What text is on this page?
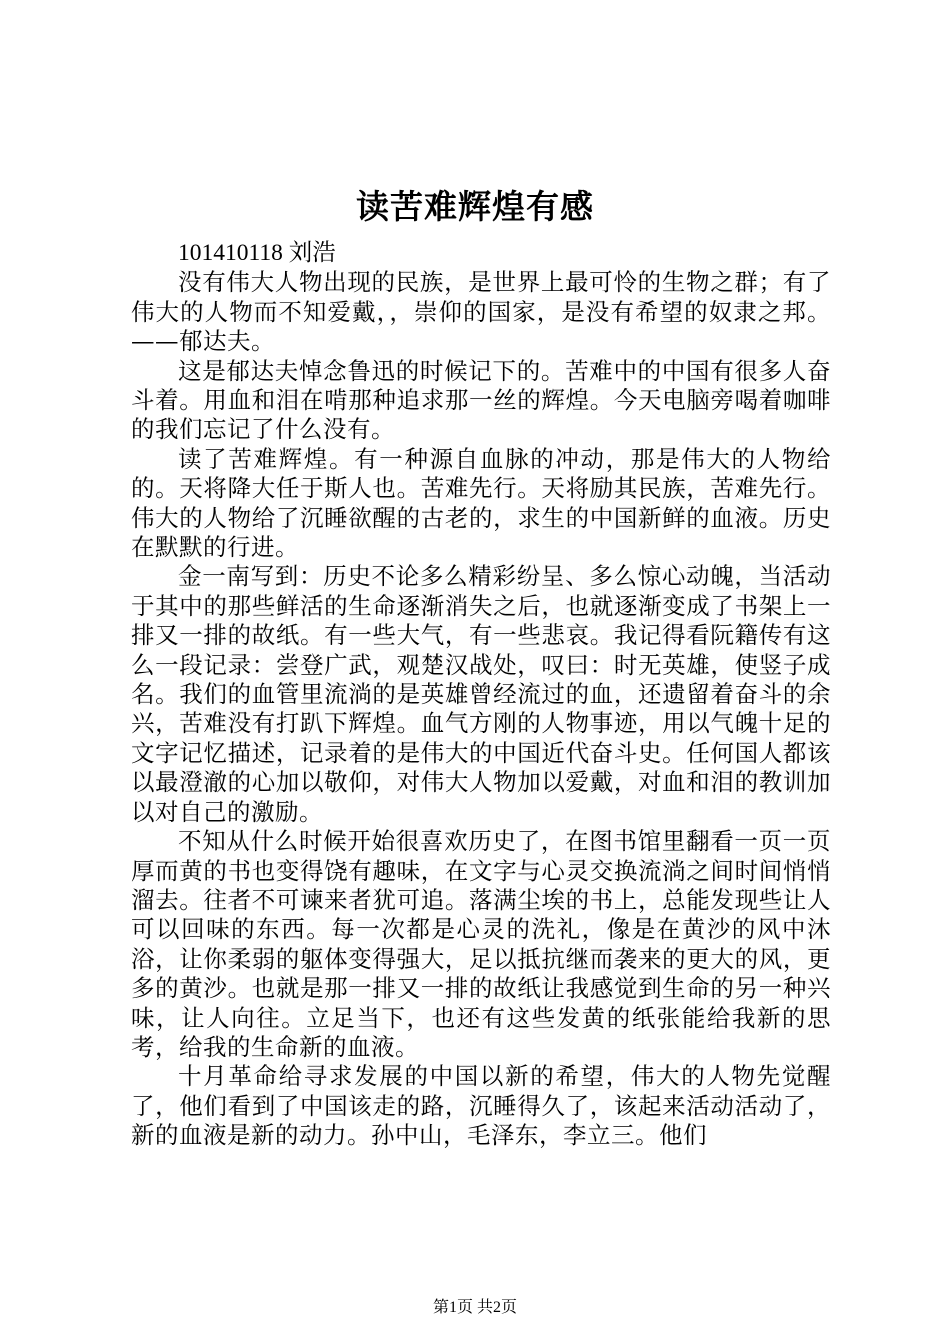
读苦难辉煌有感
101410118 刘浩

没有伟大人物出现的民族，是世界上最可怜的生物之群；有了伟大的人物而不知爱戴，，崇仰的国家，是没有希望的奴隶之邦。——郁达夫。

这是郁达夫悼念鲁迅的时候记下的。苦难中的中国有很多人奋斗着。用血和泪在啃那种追求那一丝的辉煌。今天电脑旁喝着咖啡的我们忘记了什么没有。

读了苦难辉煌。有一种源自血脉的冲动，那是伟大的人物给的。天将降大任于斯人也。苦难先行。天将励其民族，苦难先行。伟大的人物给了沉睡欲醒的古老的，求生的中国新鲜的血液。历史在默默的行进。

金一南写到：历史不论多么精彩纷呈、多么惊心动魄，当活动于其中的那些鲜活的生命逐渐消失之后，也就逐渐变成了书架上一排又一排的故纸。有一些大气，有一些悲哀。我记得看阮籍传有这么一段记录：尝登广武，观楚汉战处，叹曰：时无英雄，使竖子成名。我们的血管里流淌的是英雄曾经流过的血，还遗留着奋斗的余兴，苦难没有打趴下辉煌。血气方刚的人物事迹，用以气魄十足的文字记忆描述，记录着的是伟大的中国近代奋斗史。任何国人都该以最澄澈的心加以敬仰，对伟大人物加以爱戴，对血和泪的教训加以对自己的激励。

不知从什么时候开始很喜欢历史了，在图书馆里翻看一页一页厚而黄的书也变得饶有趣味，在文字与心灵交换流淌之间时间悄悄溜去。往者不可谏来者犹可追。落满尘埃的书上，总能发现些让人可以回味的东西。每一次都是心灵的洗礼，像是在黄沙的风中沐浴，让你柔弱的躯体变得强大，足以抵抗继而袭来的更大的风，更多的黄沙。也就是那一排又一排的故纸让我感觉到生命的另一种兴味，让人向往。立足当下，也还有这些发黄的纸张能给我新的思考，给我的生命新的血液。

十月革命给寻求发展的中国以新的希望，伟大的人物先觉醒了，他们看到了中国该走的路，沉睡得久了，该起来活动活动了，新的血液是新的动力。孙中山，毛泽东，李立三。他们

第1页 共2页
